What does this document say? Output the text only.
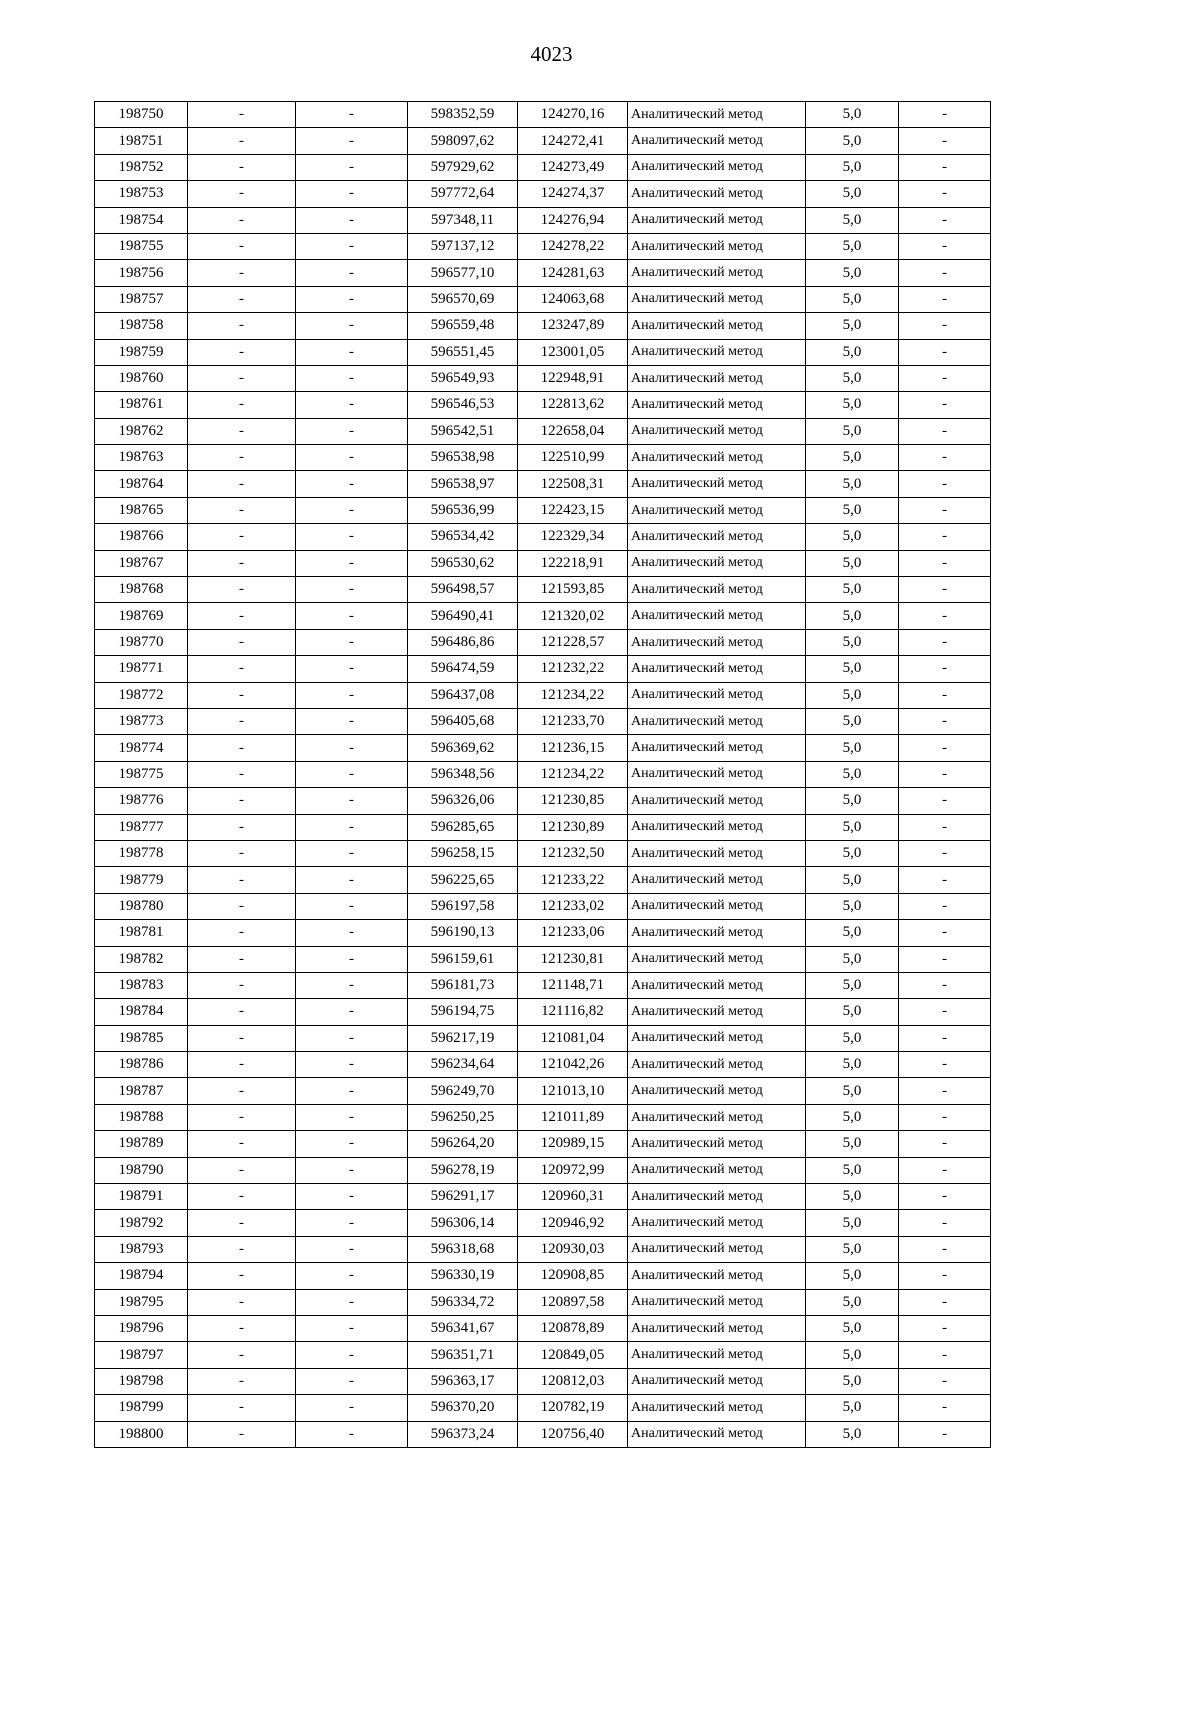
4023
198750	-	-	598352,59	124270,16	Аналитический метод	5,0	-
198751	-	-	598097,62	124272,41	Аналитический метод	5,0	-
198752	-	-	597929,62	124273,49	Аналитический метод	5,0	-
198753	-	-	597772,64	124274,37	Аналитический метод	5,0	-
198754	-	-	597348,11	124276,94	Аналитический метод	5,0	-
198755	-	-	597137,12	124278,22	Аналитический метод	5,0	-
198756	-	-	596577,10	124281,63	Аналитический метод	5,0	-
198757	-	-	596570,69	124063,68	Аналитический метод	5,0	-
198758	-	-	596559,48	123247,89	Аналитический метод	5,0	-
198759	-	-	596551,45	123001,05	Аналитический метод	5,0	-
198760	-	-	596549,93	122948,91	Аналитический метод	5,0	-
198761	-	-	596546,53	122813,62	Аналитический метод	5,0	-
198762	-	-	596542,51	122658,04	Аналитический метод	5,0	-
198763	-	-	596538,98	122510,99	Аналитический метод	5,0	-
198764	-	-	596538,97	122508,31	Аналитический метод	5,0	-
198765	-	-	596536,99	122423,15	Аналитический метод	5,0	-
198766	-	-	596534,42	122329,34	Аналитический метод	5,0	-
198767	-	-	596530,62	122218,91	Аналитический метод	5,0	-
198768	-	-	596498,57	121593,85	Аналитический метод	5,0	-
198769	-	-	596490,41	121320,02	Аналитический метод	5,0	-
198770	-	-	596486,86	121228,57	Аналитический метод	5,0	-
198771	-	-	596474,59	121232,22	Аналитический метод	5,0	-
198772	-	-	596437,08	121234,22	Аналитический метод	5,0	-
198773	-	-	596405,68	121233,70	Аналитический метод	5,0	-
198774	-	-	596369,62	121236,15	Аналитический метод	5,0	-
198775	-	-	596348,56	121234,22	Аналитический метод	5,0	-
198776	-	-	596326,06	121230,85	Аналитический метод	5,0	-
198777	-	-	596285,65	121230,89	Аналитический метод	5,0	-
198778	-	-	596258,15	121232,50	Аналитический метод	5,0	-
198779	-	-	596225,65	121233,22	Аналитический метод	5,0	-
198780	-	-	596197,58	121233,02	Аналитический метод	5,0	-
198781	-	-	596190,13	121233,06	Аналитический метод	5,0	-
198782	-	-	596159,61	121230,81	Аналитический метод	5,0	-
198783	-	-	596181,73	121148,71	Аналитический метод	5,0	-
198784	-	-	596194,75	121116,82	Аналитический метод	5,0	-
198785	-	-	596217,19	121081,04	Аналитический метод	5,0	-
198786	-	-	596234,64	121042,26	Аналитический метод	5,0	-
198787	-	-	596249,70	121013,10	Аналитический метод	5,0	-
198788	-	-	596250,25	121011,89	Аналитический метод	5,0	-
198789	-	-	596264,20	120989,15	Аналитический метод	5,0	-
198790	-	-	596278,19	120972,99	Аналитический метод	5,0	-
198791	-	-	596291,17	120960,31	Аналитический метод	5,0	-
198792	-	-	596306,14	120946,92	Аналитический метод	5,0	-
198793	-	-	596318,68	120930,03	Аналитический метод	5,0	-
198794	-	-	596330,19	120908,85	Аналитический метод	5,0	-
198795	-	-	596334,72	120897,58	Аналитический метод	5,0	-
198796	-	-	596341,67	120878,89	Аналитический метод	5,0	-
198797	-	-	596351,71	120849,05	Аналитический метод	5,0	-
198798	-	-	596363,17	120812,03	Аналитический метод	5,0	-
198799	-	-	596370,20	120782,19	Аналитический метод	5,0	-
198800	-	-	596373,24	120756,40	Аналитический метод	5,0	-
